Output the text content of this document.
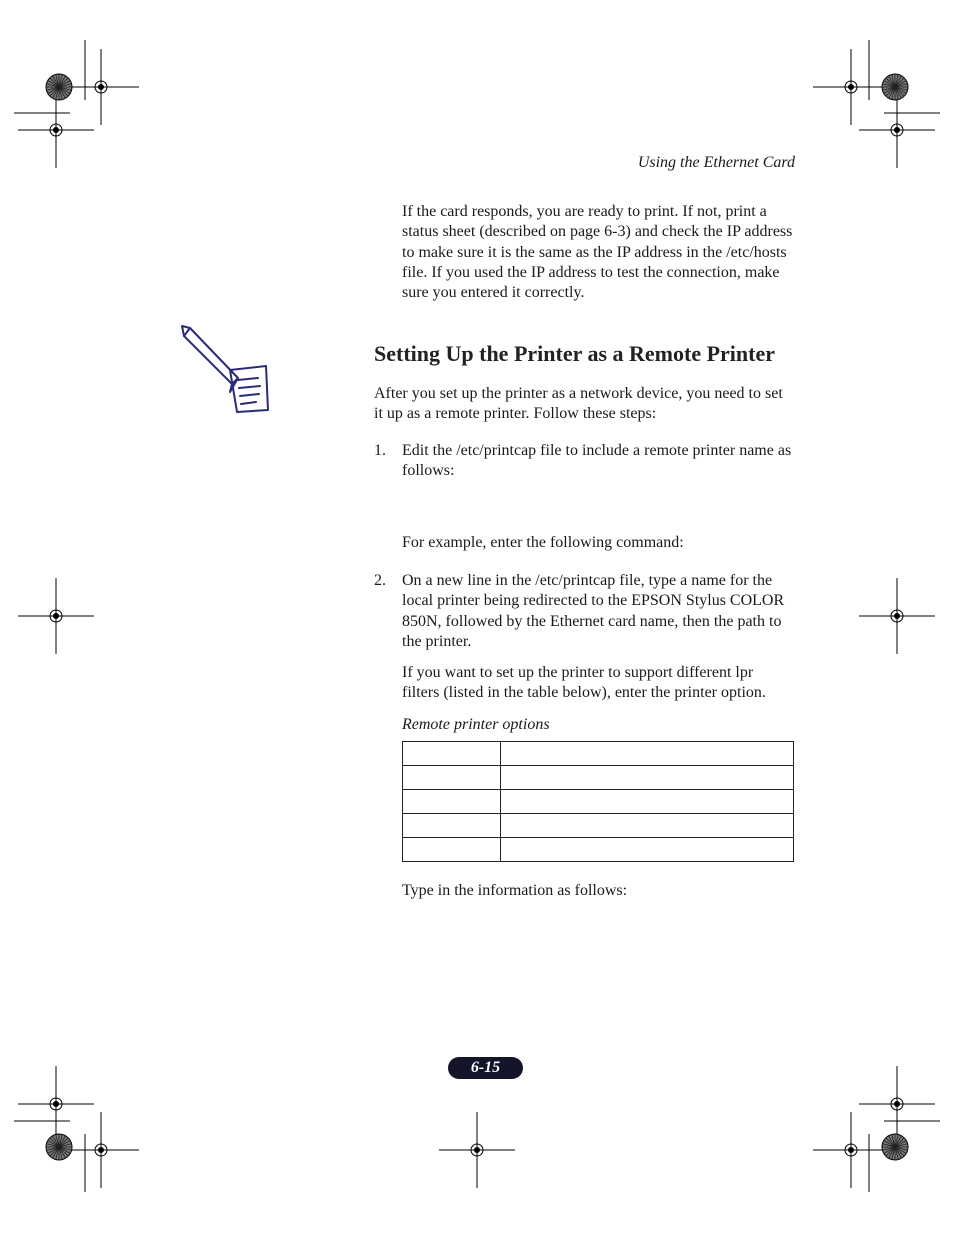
Using the Ethernet Card
If the card responds, you are ready to print. If not, print a status sheet (described on page 6-3) and check the IP address to make sure it is the same as the IP address in the /etc/hosts file. If you used the IP address to test the connection, make sure you entered it correctly.
Setting Up the Printer as a Remote Printer
After you set up the printer as a network device, you need to set it up as a remote printer. Follow these steps:
1. Edit the /etc/printcap file to include a remote printer name as follows:
For example, enter the following command:
2. On a new line in the /etc/printcap file, type a name for the local printer being redirected to the EPSON Stylus COLOR 850N, followed by the Ethernet card name, then the path to the printer.
If you want to set up the printer to support different lpr filters (listed in the table below), enter the printer option.
Remote printer options

Type in the information as follows:
6-15
